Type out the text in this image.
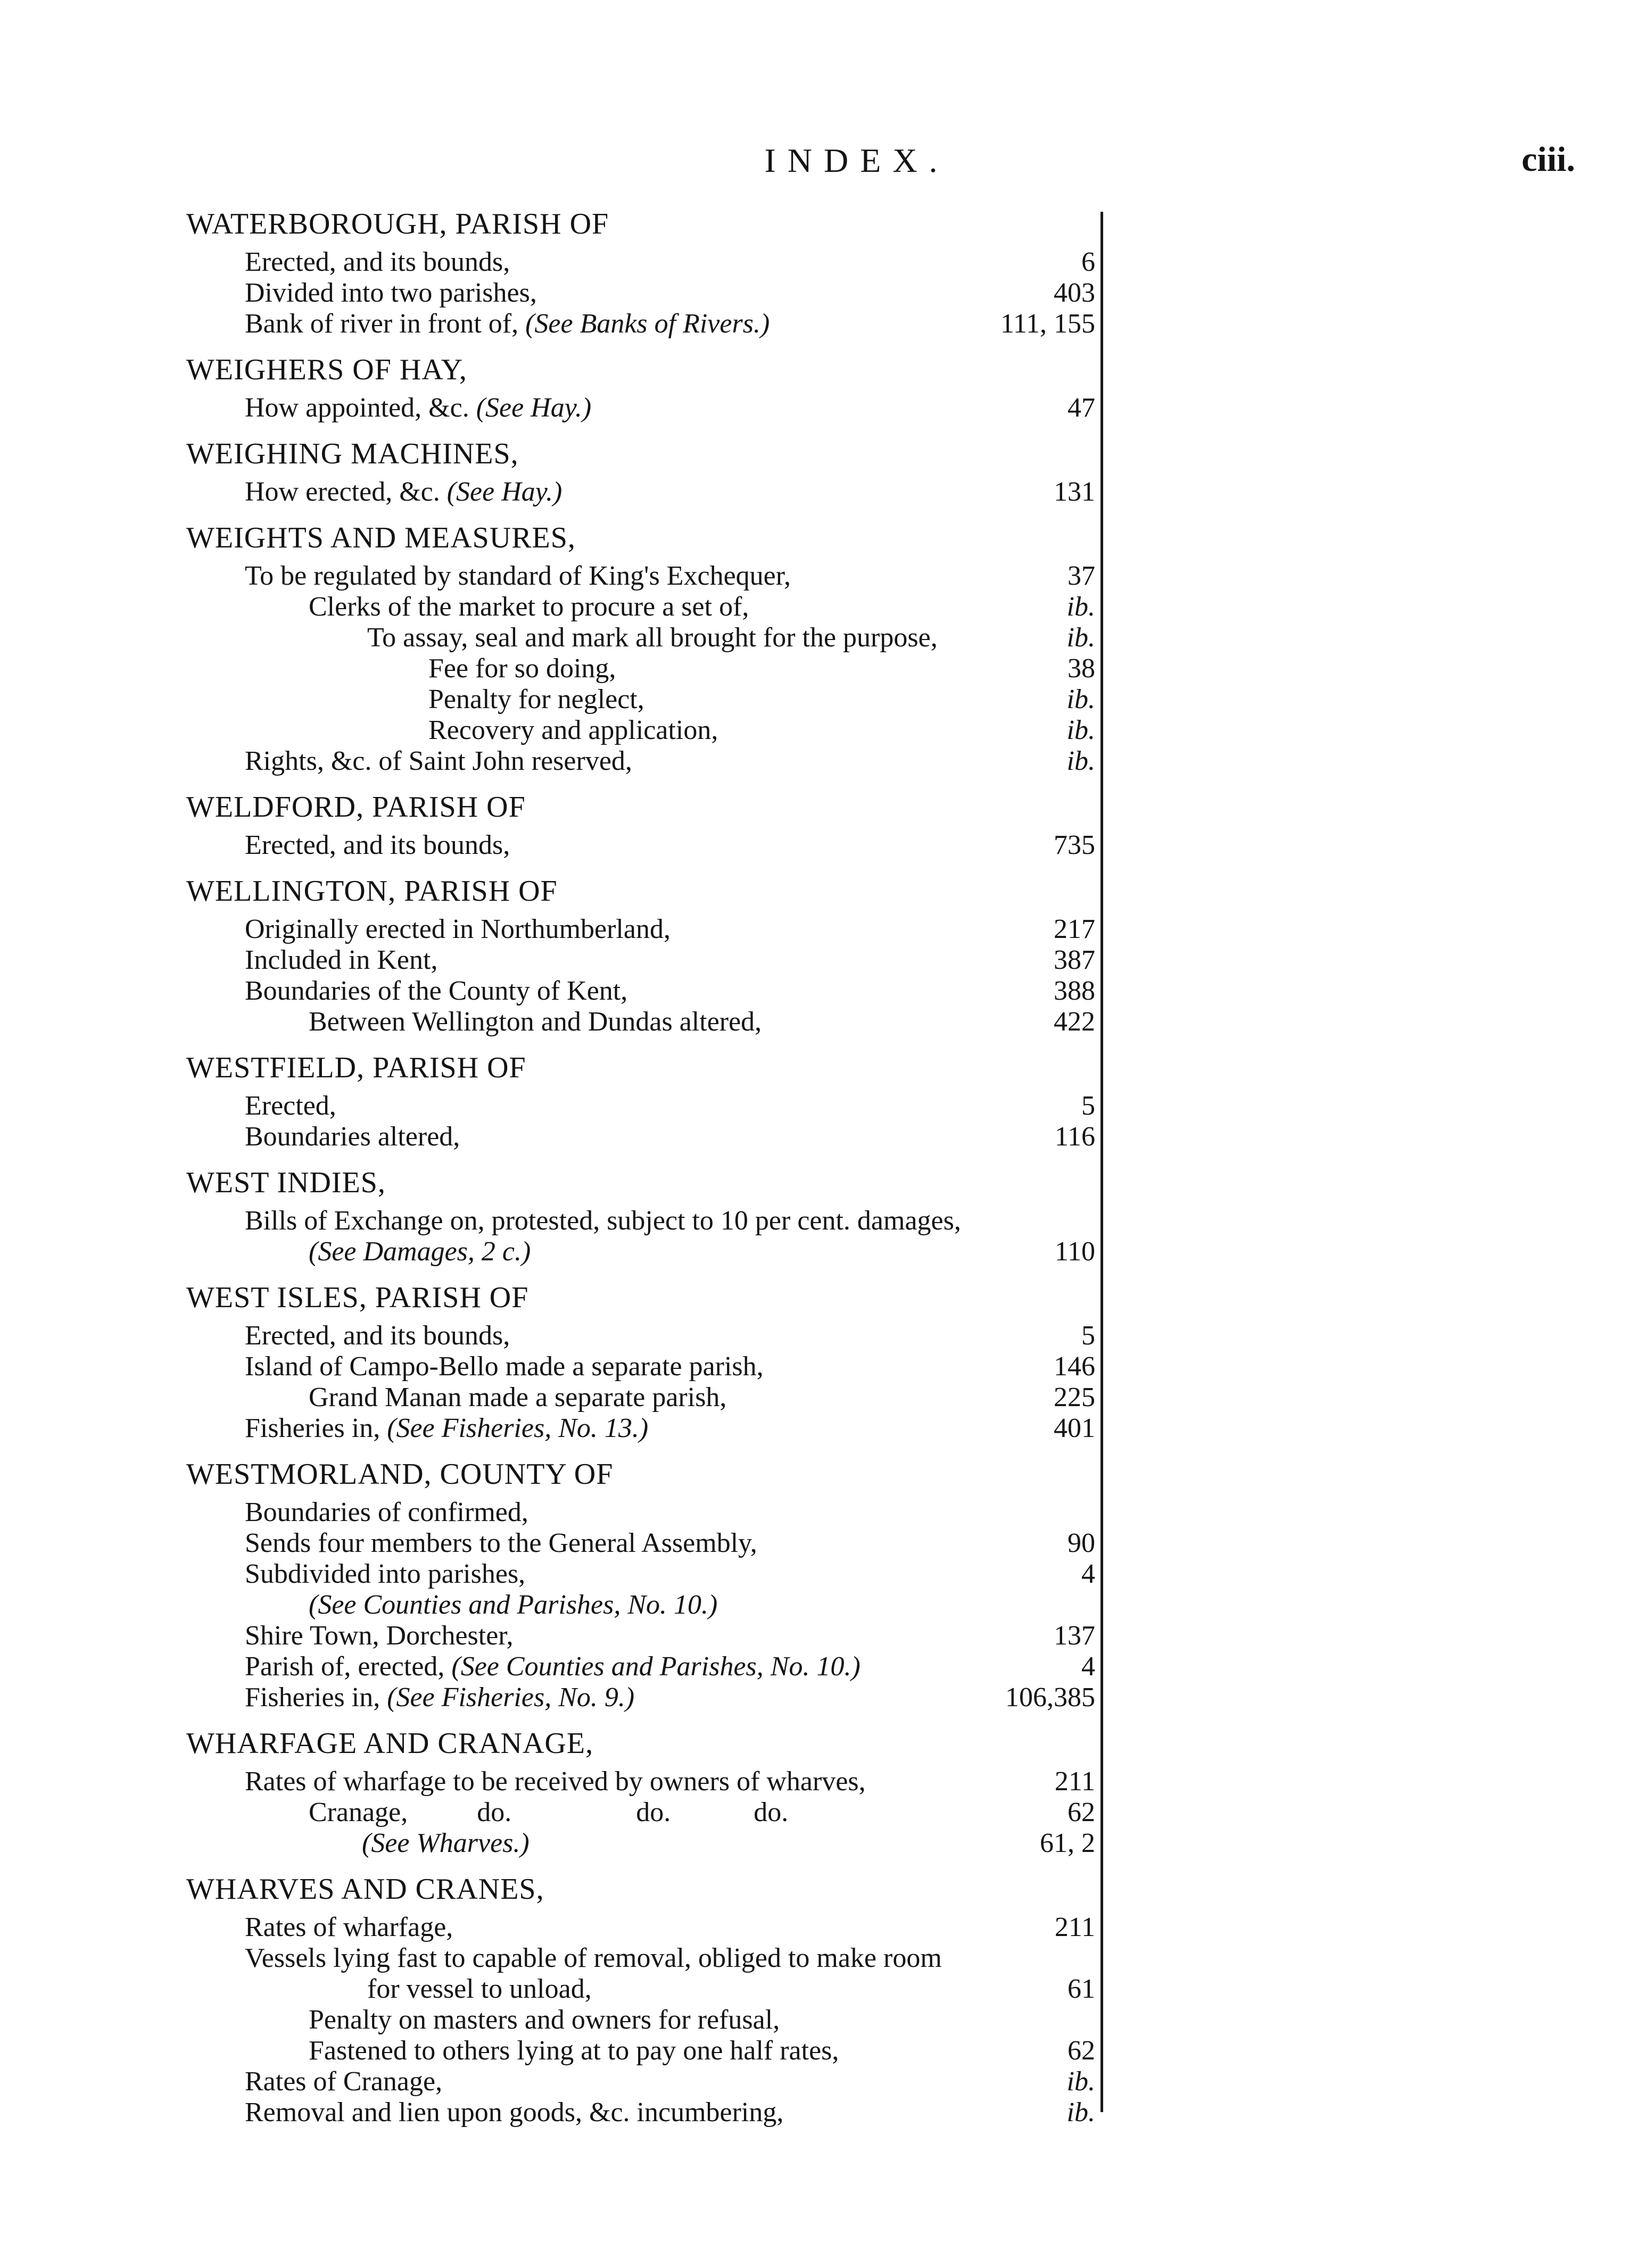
INDEX.	ciii.
WATERBOROUGH, PARISH OF
Erected, and its bounds,	6
Divided into two parishes,	403
Bank of river in front of, (See Banks of Rivers.)	111, 155
WEIGHERS OF HAY,
How appointed, &c. (See Hay.)	47
WEIGHING MACHINES,
How erected, &c. (See Hay.)	131
WEIGHTS AND MEASURES,
To be regulated by standard of King's Exchequer,	37
Clerks of the market to procure a set of,	ib.
To assay, seal and mark all brought for the purpose,	ib.
Fee for so doing,	38
Penalty for neglect,	ib.
Recovery and application,	ib.
Rights, &c. of Saint John reserved,	ib.
WELDFORD, PARISH OF
Erected, and its bounds,	735
WELLINGTON, PARISH OF
Originally erected in Northumberland,	217
Included in Kent,	387
Boundaries of the County of Kent,	388
Between Wellington and Dundas altered,	422
WESTFIELD, PARISH OF
Erected,	5
Boundaries altered,	116
WEST INDIES,
Bills of Exchange on, protested, subject to 10 per cent. damages,
(See Damages, 2 c.)	110
WEST ISLES, PARISH OF
Erected, and its bounds,	5
Island of Campo-Bello made a separate parish,	146
Grand Manan made a separate parish,	225
Fisheries in, (See Fisheries, No. 13.)	401
WESTMORLAND, COUNTY OF
Boundaries of confirmed,
Sends four members to the General Assembly,	90
Subdivided into parishes,	4
(See Counties and Parishes, No. 10.)
Shire Town, Dorchester,	137
Parish of, erected, (See Counties and Parishes, No. 10.)	4
Fisheries in, (See Fisheries, No. 9.)	106,385
WHARFAGE AND CRANAGE,
Rates of wharfage to be received by owners of wharves,	211
Cranage,          do.                  do.            do.	62
(See Wharves.)	61, 2
WHARVES AND CRANES,
Rates of wharfage,	211
Vessels lying fast to capable of removal, obliged to make room
for vessel to unload,	61
Penalty on masters and owners for refusal,
Fastened to others lying at to pay one half rates,	62
Rates of Cranage,	ib.
Removal and lien upon goods, &c. incumbering,	ib.
